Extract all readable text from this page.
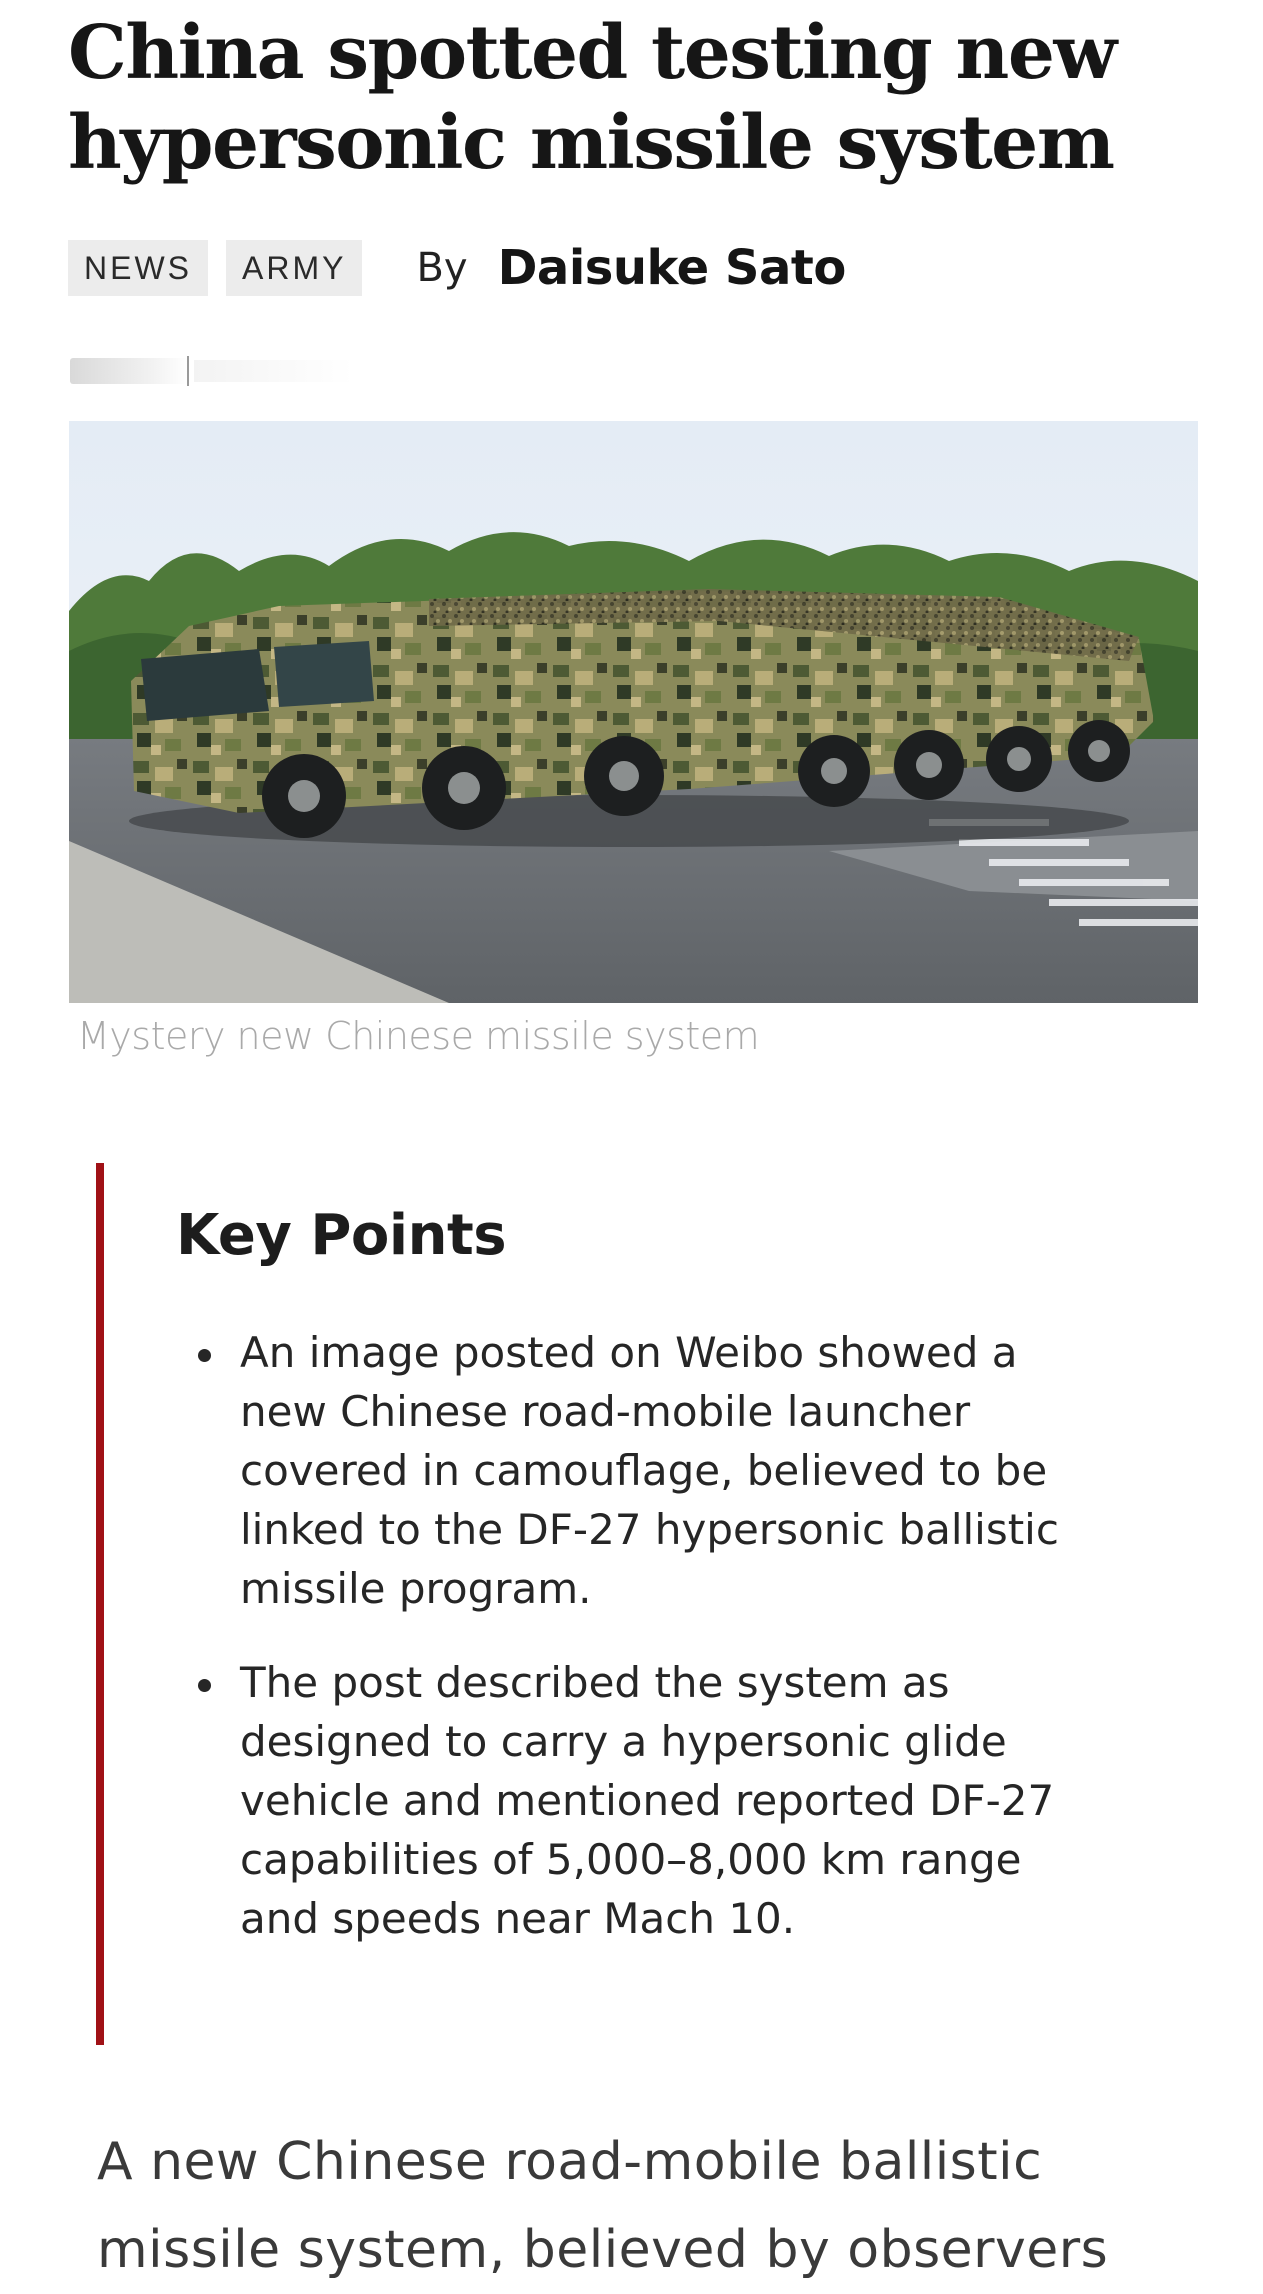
China spotted testing new hypersonic missile system
NEWS	ARMY	By Daisuke Sato
Mystery new Chinese missile system
Key Points
An image posted on Weibo showed a new Chinese road-mobile launcher covered in camouflage, believed to be linked to the DF-27 hypersonic ballistic missile program.
The post described the system as designed to carry a hypersonic glide vehicle and mentioned reported DF-27 capabilities of 5,000–8,000 km range and speeds near Mach 10.

A new Chinese road-mobile ballistic missile system, believed by observers
